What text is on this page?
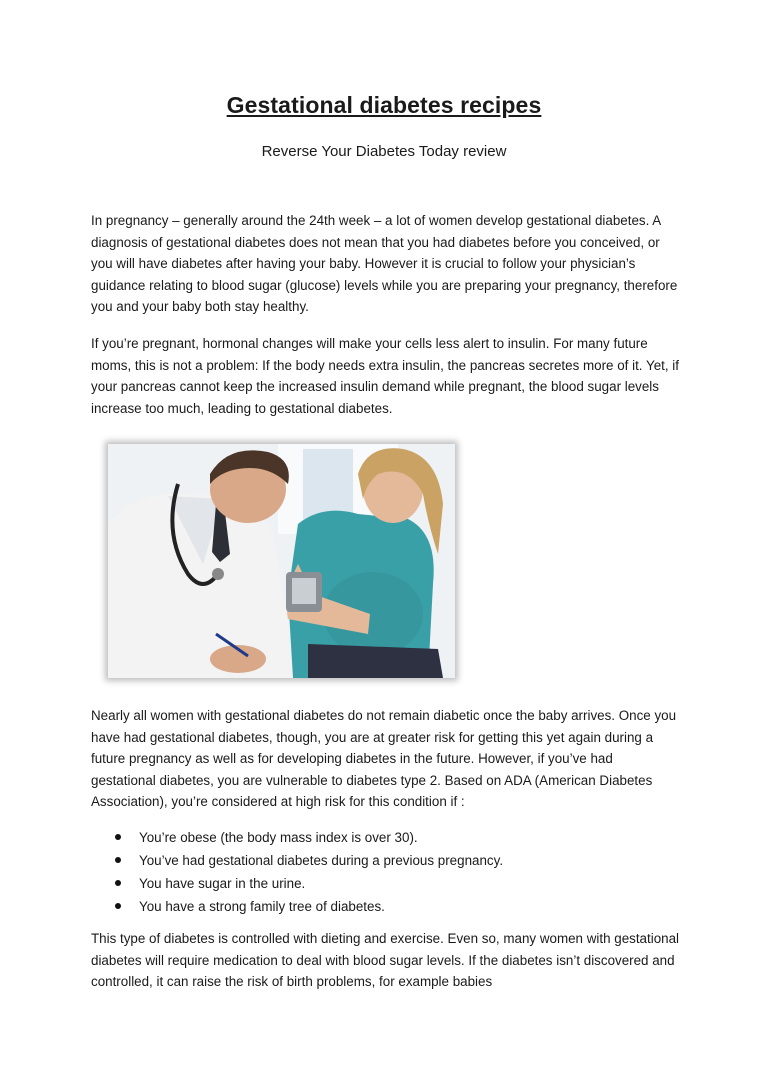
Gestational diabetes recipes
Reverse Your Diabetes Today review

In pregnancy – generally around the 24th week – a lot of women develop gestational diabetes. A diagnosis of gestational diabetes does not mean that you had diabetes before you conceived, or you will have diabetes after having your baby. However it is crucial to follow your physician’s guidance relating to blood sugar (glucose) levels while you are preparing your pregnancy, therefore you and your baby both stay healthy.

If you’re pregnant, hormonal changes will make your cells less alert to insulin. For many future moms, this is not a problem: If the body needs extra insulin, the pancreas secretes more of it. Yet, if your pancreas cannot keep the increased insulin demand while pregnant, the blood sugar levels increase too much, leading to gestational diabetes.

Nearly all women with gestational diabetes do not remain diabetic once the baby arrives. Once you have had gestational diabetes, though, you are at greater risk for getting this yet again during a future pregnancy as well as for developing diabetes in the future. However, if you’ve had gestational diabetes, you are vulnerable to diabetes type 2. Based on ADA (American Diabetes Association), you’re considered at high risk for this condition if :

You’re obese (the body mass index is over 30).
You’ve had gestational diabetes during a previous pregnancy.
You have sugar in the urine.
You have a strong family tree of diabetes.

This type of diabetes is controlled with dieting and exercise. Even so, many women with gestational diabetes will require medication to deal with blood sugar levels. If the diabetes isn’t discovered and controlled, it can raise the risk of birth problems, for example babies
